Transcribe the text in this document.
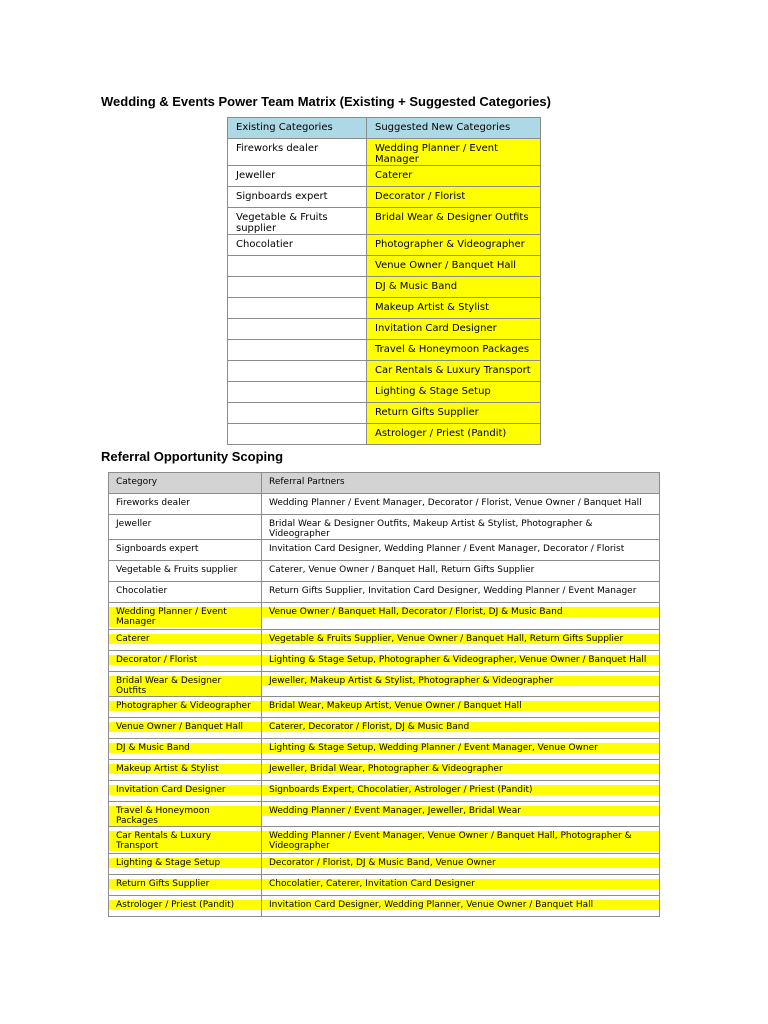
Wedding & Events Power Team Matrix (Existing + Suggested Categories)
Existing Categories	Suggested New Categories
Fireworks dealer	Wedding Planner / Event Manager
Jeweller	Caterer
Signboards expert	Decorator / Florist
Vegetable & Fruits supplier	Bridal Wear & Designer Outfits
Chocolatier	Photographer & Videographer
	Venue Owner / Banquet Hall
	DJ & Music Band
	Makeup Artist & Stylist
	Invitation Card Designer
	Travel & Honeymoon Packages
	Car Rentals & Luxury Transport
	Lighting & Stage Setup
	Return Gifts Supplier
	Astrologer / Priest (Pandit)
Referral Opportunity Scoping
Category	Referral Partners
Fireworks dealer	Wedding Planner / Event Manager, Decorator / Florist, Venue Owner / Banquet Hall
Jeweller	Bridal Wear & Designer Outfits, Makeup Artist & Stylist, Photographer & Videographer
Signboards expert	Invitation Card Designer, Wedding Planner / Event Manager, Decorator / Florist
Vegetable & Fruits supplier	Caterer, Venue Owner / Banquet Hall, Return Gifts Supplier
Chocolatier	Return Gifts Supplier, Invitation Card Designer, Wedding Planner / Event Manager

Wedding Planner / Event Manager	Venue Owner / Banquet Hall, Decorator / Florist, DJ & Music Band

Caterer	Vegetable & Fruits Supplier, Venue Owner / Banquet Hall, Return Gifts Supplier

Decorator / Florist	Lighting & Stage Setup, Photographer & Videographer, Venue Owner / Banquet Hall

Bridal Wear & Designer Outfits	Jeweller, Makeup Artist & Stylist, Photographer & Videographer

Photographer & Videographer	Bridal Wear, Makeup Artist, Venue Owner / Banquet Hall

Venue Owner / Banquet Hall	Caterer, Decorator / Florist, DJ & Music Band

DJ & Music Band	Lighting & Stage Setup, Wedding Planner / Event Manager, Venue Owner

Makeup Artist & Stylist	Jeweller, Bridal Wear, Photographer & Videographer

Invitation Card Designer	Signboards Expert, Chocolatier, Astrologer / Priest (Pandit)

Travel & Honeymoon Packages	Wedding Planner / Event Manager, Jeweller, Bridal Wear

Car Rentals & Luxury Transport	Wedding Planner / Event Manager, Venue Owner / Banquet Hall, Photographer & Videographer

Lighting & Stage Setup	Decorator / Florist, DJ & Music Band, Venue Owner

Return Gifts Supplier	Chocolatier, Caterer, Invitation Card Designer

Astrologer / Priest (Pandit)	Invitation Card Designer, Wedding Planner, Venue Owner / Banquet Hall
